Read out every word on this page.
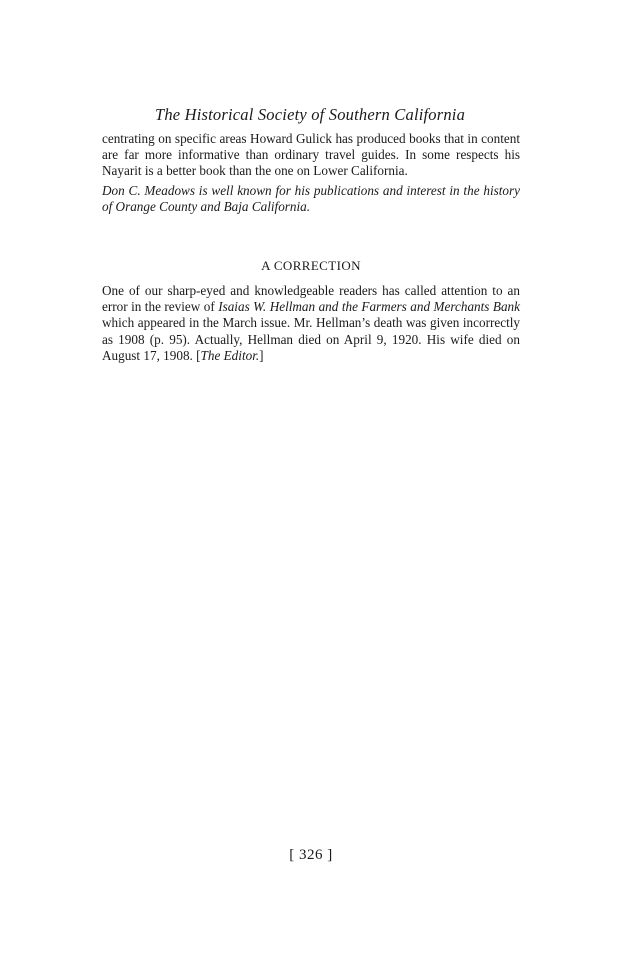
The Historical Society of Southern California

centrating on specific areas Howard Gulick has produced books that in content are far more informative than ordinary travel guides. In some respects his Nayarit is a better book than the one on Lower California.

Don C. Meadows is well known for his publications and interest in the history of Orange County and Baja California.

A CORRECTION

One of our sharp-eyed and knowledgeable readers has called attention to an error in the review of Isaias W. Hellman and the Farmers and Merchants Bank which appeared in the March issue. Mr. Hellman’s death was given incorrectly as 1908 (p. 95). Actually, Hellman died on April 9, 1920. His wife died on August 17, 1908. [The Editor.]

[ 326 ]
